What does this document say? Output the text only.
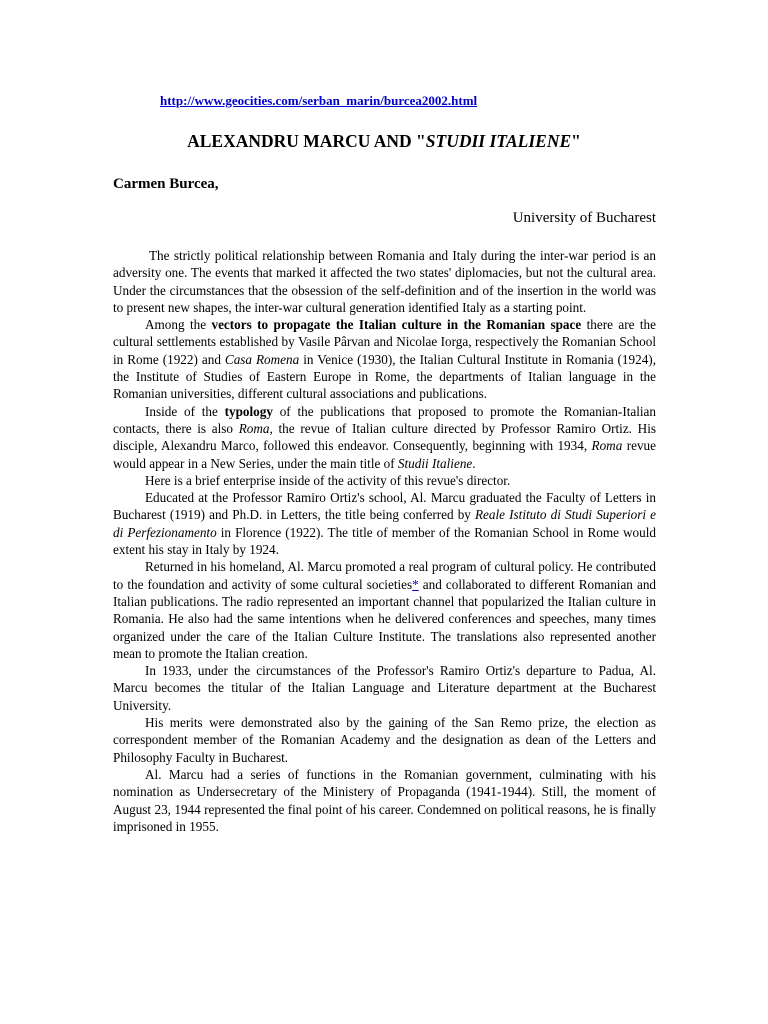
http://www.geocities.com/serban_marin/burcea2002.html
ALEXANDRU MARCU AND "STUDII ITALIENE"
Carmen Burcea,
University of Bucharest

The strictly political relationship between Romania and Italy during the inter-war period is an adversity one. The events that marked it affected the two states' diplomacies, but not the cultural area. Under the circumstances that the obsession of the self-definition and of the insertion in the world was to present new shapes, the inter-war cultural generation identified Italy as a starting point.

Among the vectors to propagate the Italian culture in the Romanian space there are the cultural settlements established by Vasile Pârvan and Nicolae Iorga, respectively the Romanian School in Rome (1922) and Casa Romena in Venice (1930), the Italian Cultural Institute in Romania (1924), the Institute of Studies of Eastern Europe in Rome, the departments of Italian language in the Romanian universities, different cultural associations and publications.

Inside of the typology of the publications that proposed to promote the Romanian-Italian contacts, there is also Roma, the revue of Italian culture directed by Professor Ramiro Ortiz. His disciple, Alexandru Marco, followed this endeavor. Consequently, beginning with 1934, Roma revue would appear in a New Series, under the main title of Studii Italiene.

Here is a brief enterprise inside of the activity of this revue's director.

Educated at the Professor Ramiro Ortiz's school, Al. Marcu graduated the Faculty of Letters in Bucharest (1919) and Ph.D. in Letters, the title being conferred by Reale Istituto di Studi Superiori e di Perfezionamento in Florence (1922). The title of member of the Romanian School in Rome would extent his stay in Italy by 1924.

Returned in his homeland, Al. Marcu promoted a real program of cultural policy. He contributed to the foundation and activity of some cultural societies* and collaborated to different Romanian and Italian publications. The radio represented an important channel that popularized the Italian culture in Romania. He also had the same intentions when he delivered conferences and speeches, many times organized under the care of the Italian Culture Institute. The translations also represented another mean to promote the Italian creation.

In 1933, under the circumstances of the Professor's Ramiro Ortiz's departure to Padua, Al. Marcu becomes the titular of the Italian Language and Literature department at the Bucharest University.

His merits were demonstrated also by the gaining of the San Remo prize, the election as correspondent member of the Romanian Academy and the designation as dean of the Letters and Philosophy Faculty in Bucharest.

Al. Marcu had a series of functions in the Romanian government, culminating with his nomination as Undersecretary of the Ministery of Propaganda (1941-1944). Still, the moment of August 23, 1944 represented the final point of his career. Condemned on political reasons, he is finally imprisoned in 1955.
